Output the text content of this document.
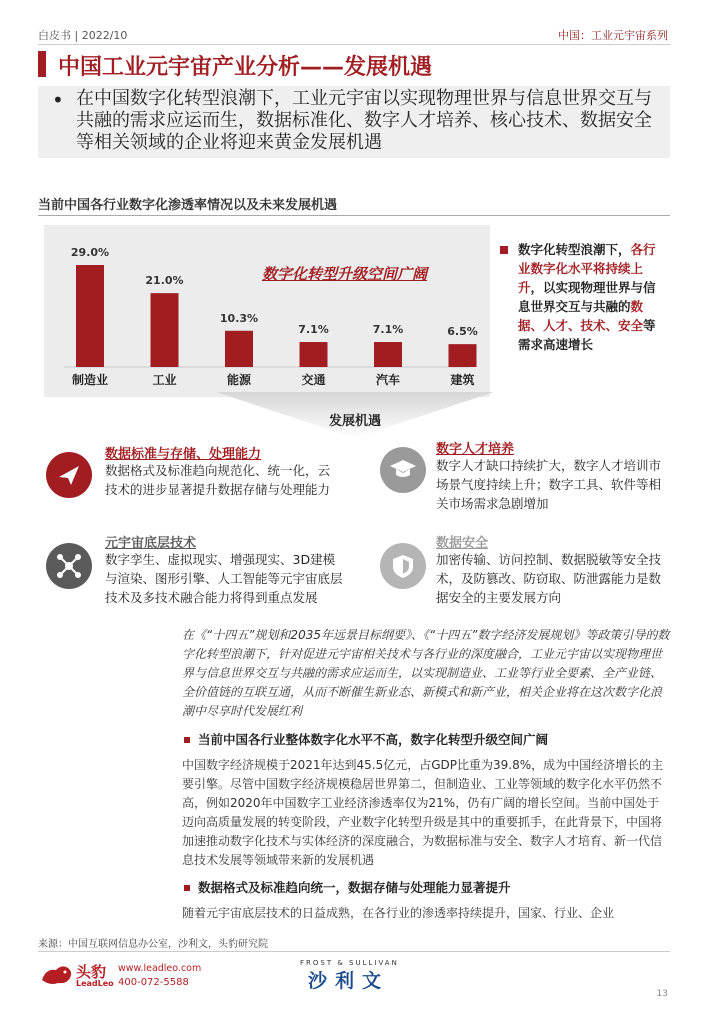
白皮书 | 2022/10	中国：工业元宇宙系列
中国工业元宇宙产业分析——发展机遇
• 在中国数字化转型浪潮下，工业元宇宙以实现物理世界与信息世界交互与共融的需求应运而生，数据标准化、数字人才培养、核心技术、数据安全等相关领域的企业将迎来黄金发展机遇
当前中国各行业数字化渗透率情况以及未来发展机遇
29.0%
制造业
21.0%
工业
10.3%
能源
7.1%
交通
7.1%
汽车
6.5%
建筑
数字化转型升级空间广阔
数字化转型浪潮下，各行业数字化水平将持续上升，以实现物理世界与信息世界交互与共融的数据、人才、技术、安全等需求高速增长
发展机遇
数据标准与存储、处理能力
数据格式及标准趋向规范化、统一化，云技术的进步显著提升数据存储与处理能力
数字人才培养
数字人才缺口持续扩大，数字人才培训市场景气度持续上升；数字工具、软件等相关市场需求急剧增加
元宇宙底层技术
数字孪生、虚拟现实、增强现实、3D建模与渲染、图形引擎、人工智能等元宇宙底层技术及多技术融合能力将得到重点发展
数据安全
加密传输、访问控制、数据脱敏等安全技术，及防篡改、防窃取、防泄露能力是数据安全的主要发展方向
在《“十四五”规划和2035年远景目标纲要》、《“十四五”数字经济发展规划》等政策引导的数字化转型浪潮下，针对促进元宇宙相关技术与各行业的深度融合，工业元宇宙以实现物理世界与信息世界交互与共融的需求应运而生，以实现制造业、工业等行业全要素、全产业链、全价值链的互联互通，从而不断催生新业态、新模式和新产业，相关企业将在这次数字化浪潮中尽享时代发展红利
当前中国各行业整体数字化水平不高，数字化转型升级空间广阔
中国数字经济规模于2021年达到45.5亿元，占GDP比重为39.8%，成为中国经济增长的主要引擎。尽管中国数字经济规模稳居世界第二，但制造业、工业等领域的数字化水平仍然不高，例如2020年中国数字工业经济渗透率仅为21%，仍有广阔的增长空间。当前中国处于迈向高质量发展的转变阶段，产业数字化转型升级是其中的重要抓手，在此背景下，中国将加速推动数字化技术与实体经济的深度融合，为数据标准与安全、数字人才培育、新一代信息技术发展等领域带来新的发展机遇
数据格式及标准趋向统一，数据存储与处理能力显著提升
随着元宇宙底层技术的日益成熟，在各行业的渗透率持续提升，国家、行业、企业
来源：中国互联网信息办公室，沙利文，头豹研究院
头豹
LeadLeo
www.leadleo.com
400-072-5588
FROST & SULLIVAN
沙利文
13
